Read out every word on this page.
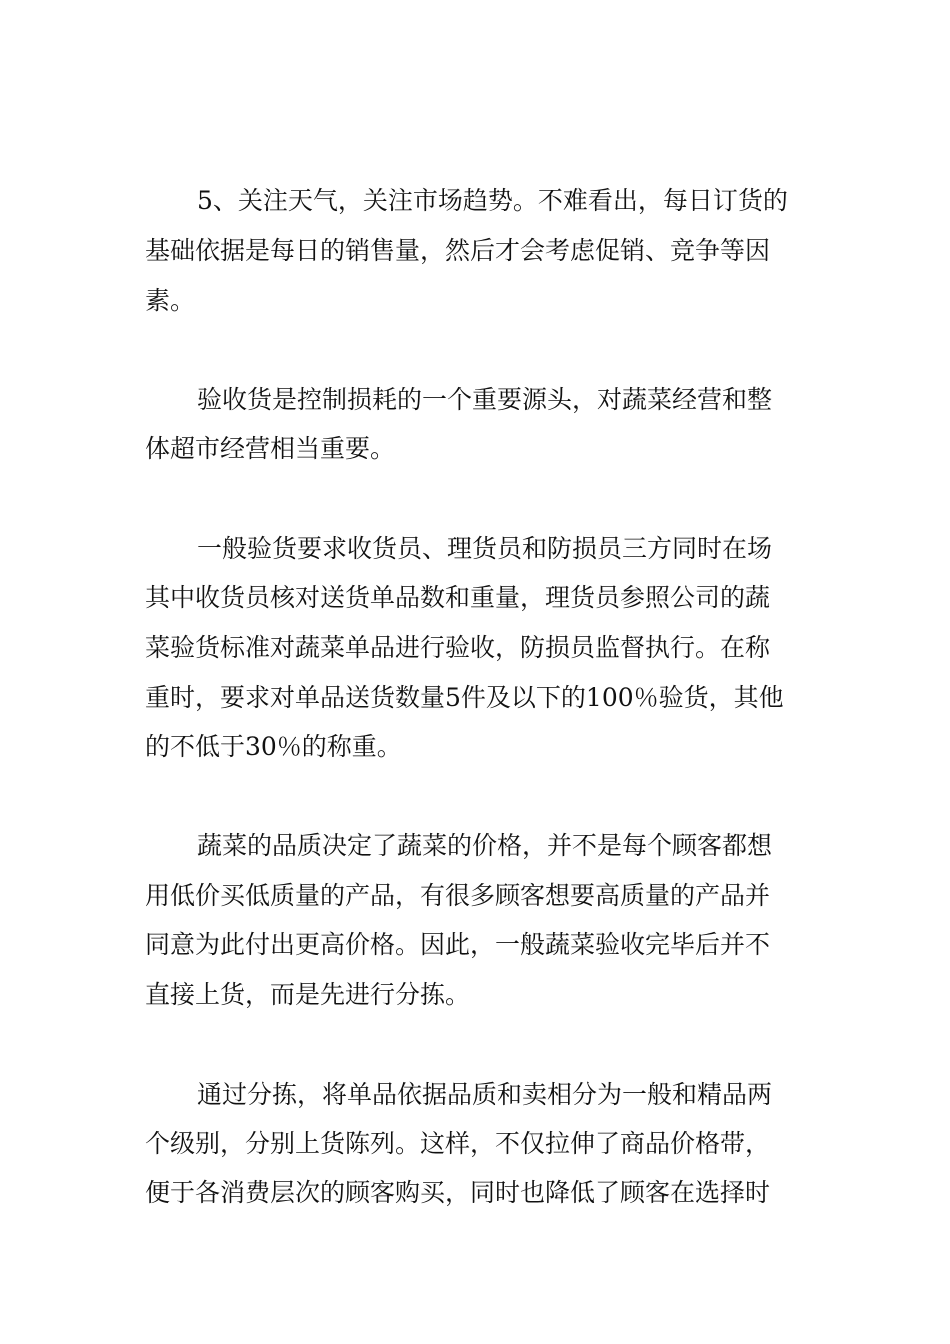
5、关注天气，关注市场趋势。不难看出，每日订货的
基础依据是每日的销售量，然后才会考虑促销、竞争等因
素。
验收货是控制损耗的一个重要源头，对蔬菜经营和整
体超市经营相当重要。
一般验货要求收货员、理货员和防损员三方同时在场
其中收货员核对送货单品数和重量，理货员参照公司的蔬
菜验货标准对蔬菜单品进行验收，防损员监督执行。在称
重时，要求对单品送货数量5件及以下的100％验货，其他
的不低于30％的称重。
蔬菜的品质决定了蔬菜的价格，并不是每个顾客都想
用低价买低质量的产品，有很多顾客想要高质量的产品并
同意为此付出更高价格。因此，一般蔬菜验收完毕后并不
直接上货，而是先进行分拣。
通过分拣，将单品依据品质和卖相分为一般和精品两
个级别，分别上货陈列。这样，不仅拉伸了商品价格带，
便于各消费层次的顾客购买，同时也降低了顾客在选择时
